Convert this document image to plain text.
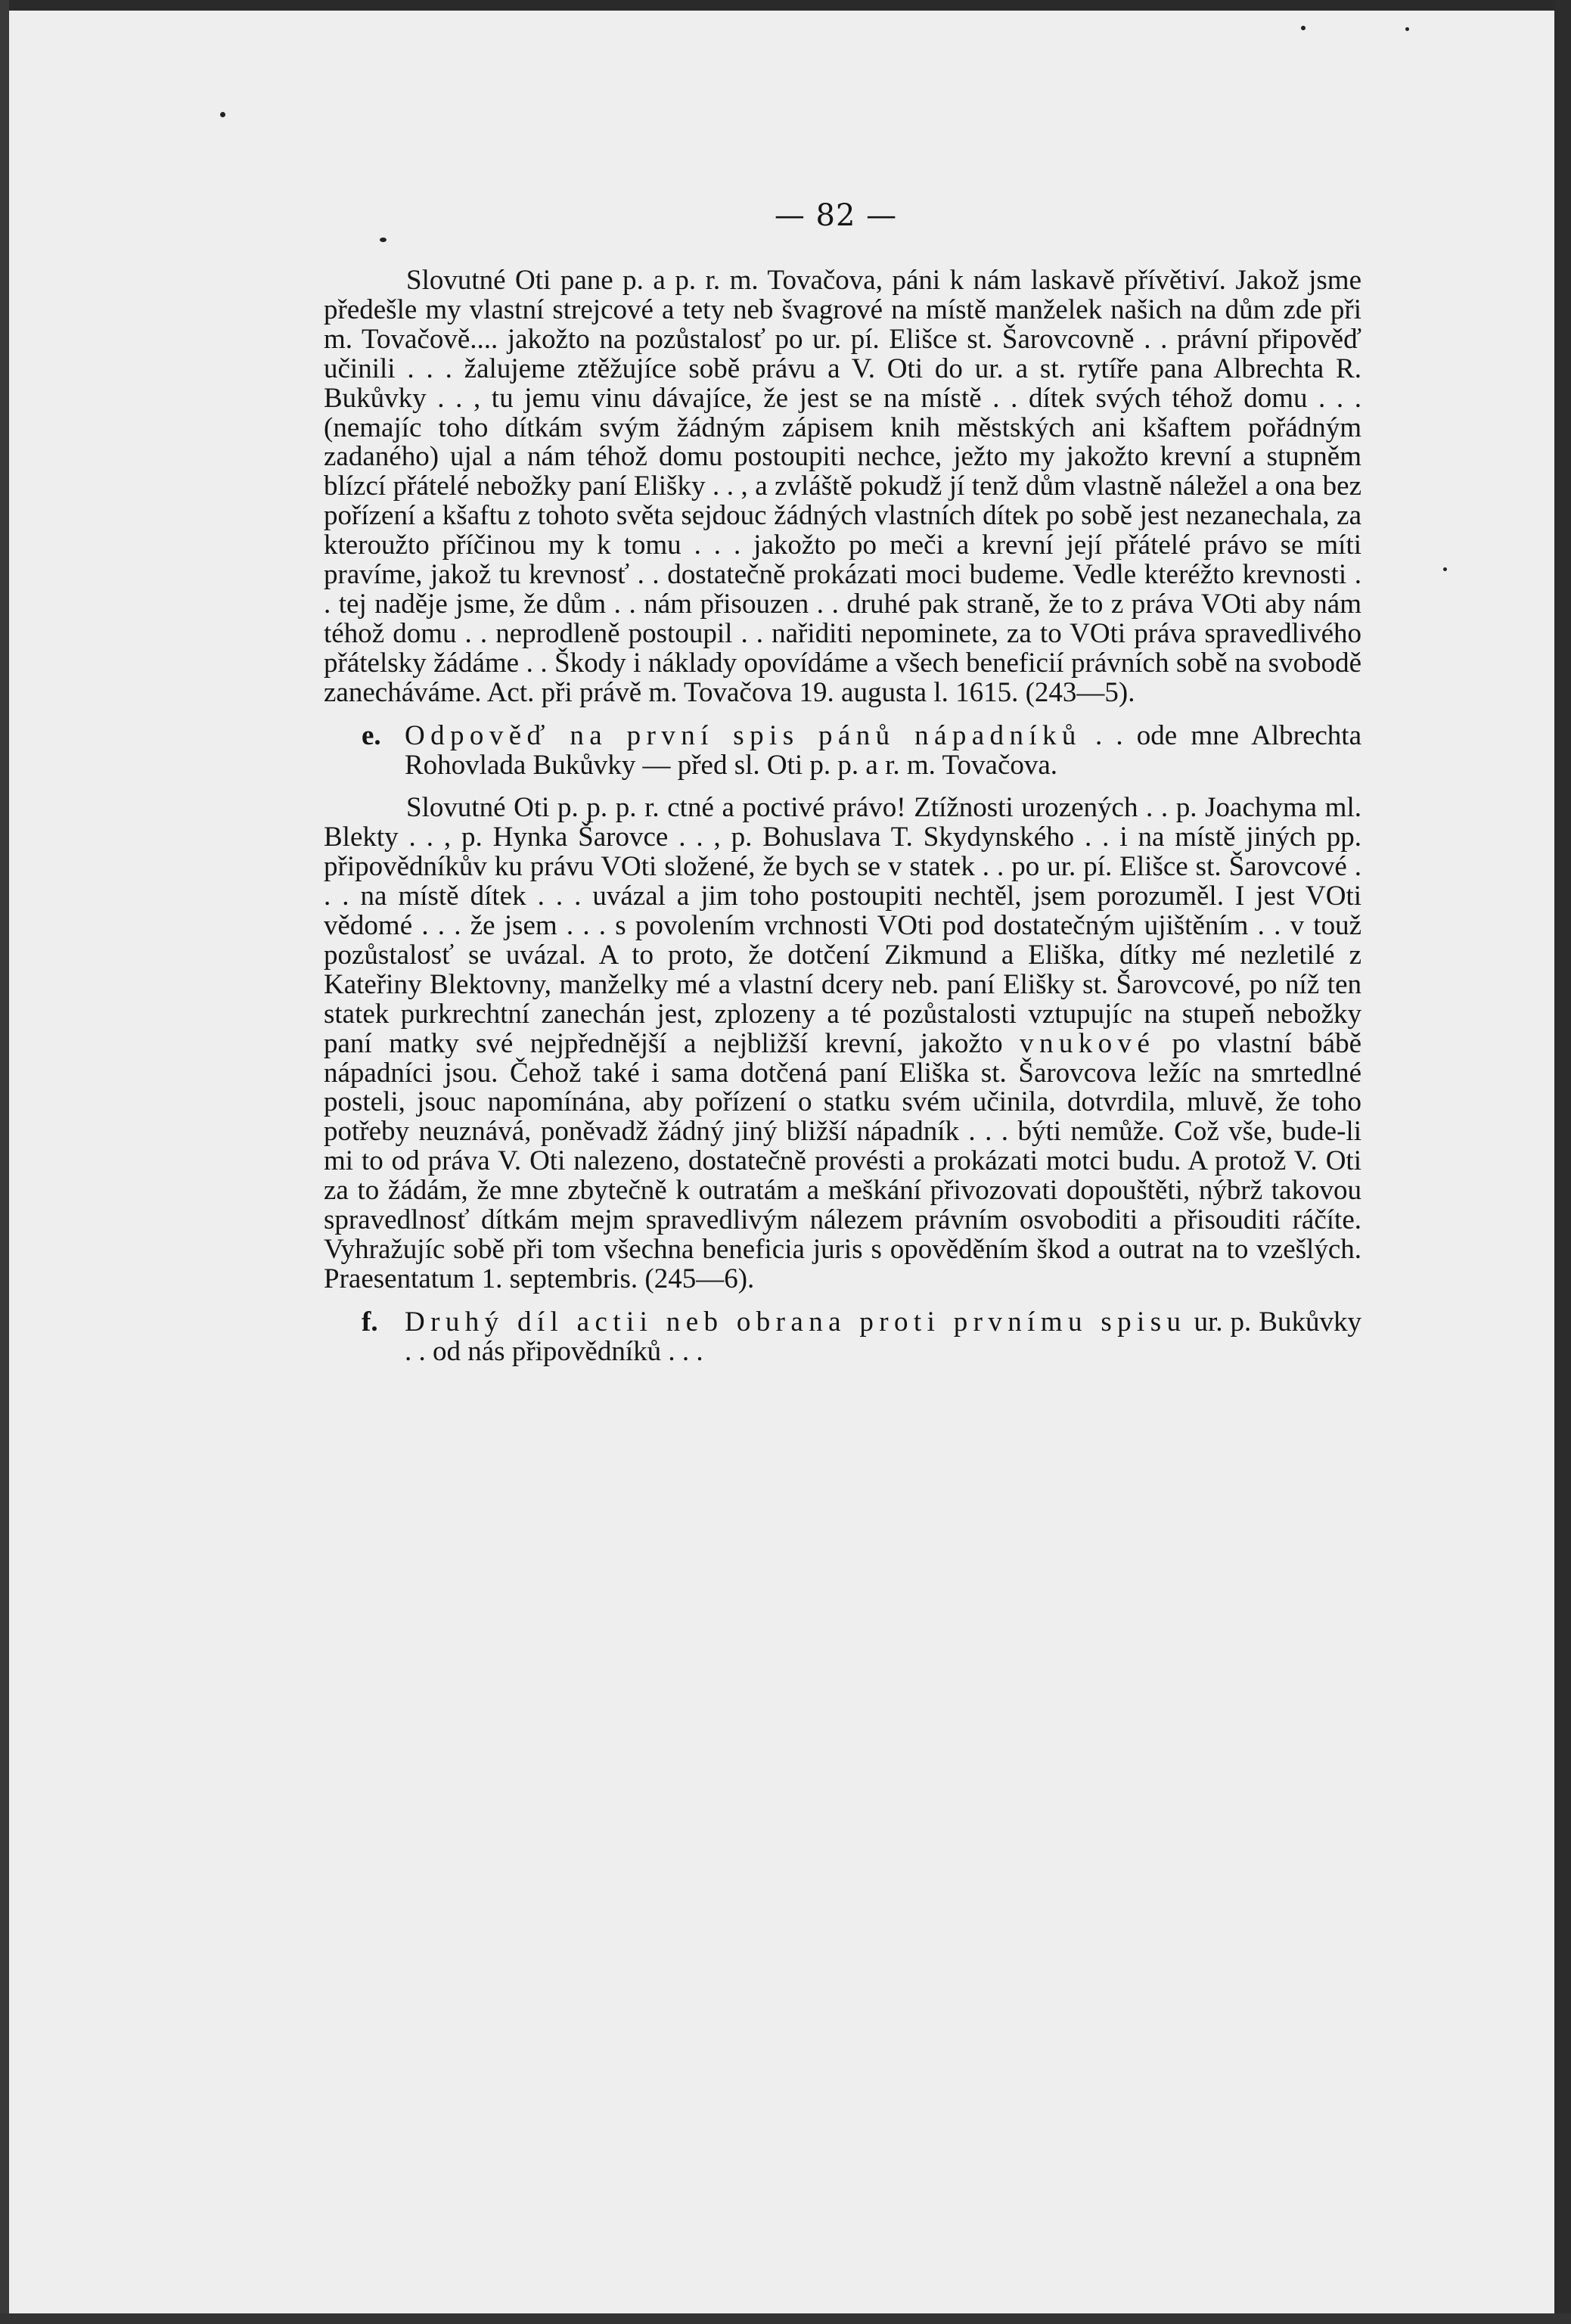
— 82 —

Slovutné Oti pane p. a p. r. m. Tovačova, páni k nám laskavě přívětiví. Jakož jsme předešle my vlastní strejcové a tety neb švagrové na místě manželek našich na dům zde při m. Tovačově.... jakožto na pozůstalosť po ur. pí. Elišce st. Šarovcovně . . právní připověď učinili . . . žalujeme ztěžujíce sobě právu a V. Oti do ur. a st. rytíře pana Albrechta R. Bukůvky . . , tu jemu vinu dávajíce, že jest se na místě . . dítek svých téhož domu . . . (nemajíc toho dítkám svým žádným zápisem knih městských ani kšaftem pořádným zadaného) ujal a nám téhož domu postoupiti nechce, ježto my jakožto krevní a stupněm blízcí přátelé nebožky paní Elišky . . , a zvláště pokudž jí tenž dům vlastně náležel a ona bez pořízení a kšaftu z tohoto světa sejdouc žádných vlastních dítek po sobě jest nezanechala, za kteroužto příčinou my k tomu . . . jakožto po meči a krevní její přátelé právo se míti pravíme, jakož tu krevnosť . . dostatečně prokázati moci budeme. Vedle kteréžto krevnosti . . tej naděje jsme, že dům . . nám přisouzen . . druhé pak straně, že to z práva VOti aby nám téhož domu . . neprodleně postoupil . . nařiditi nepominete, za to VOti práva spravedlivého přátelsky žádáme . . Škody i náklady opovídáme a všech beneficií právních sobě na svobodě zanecháváme. Act. při právě m. Tovačova 19. augusta l. 1615. (243—5).

e. Odpověď na první spis pánů nápadníků . . ode mne Albrechta Rohovlada Bukůvky — před sl. Oti p. p. a r. m. Tovačova.

Slovutné Oti p. p. p. r. ctné a poctivé právo! Ztížnosti urozených . . p. Joachyma ml. Blekty . . , p. Hynka Šarovce . . , p. Bohuslava T. Skydynského . . i na místě jiných pp. připovědníkův ku právu VOti složené, že bych se v statek . . po ur. pí. Elišce st. Šarovcové . . . na místě dítek . . . uvázal a jim toho postoupiti nechtěl, jsem porozuměl. I jest VOti vědomé . . . že jsem . . . s povolením vrchnosti VOti pod dostatečným ujištěním . . v touž pozůstalosť se uvázal. A to proto, že dotčení Zikmund a Eliška, dítky mé nezletilé z Kateřiny Blektovny, manželky mé a vlastní dcery neb. paní Elišky st. Šarovcové, po níž ten statek purkrechtní zanechán jest, zplozeny a té pozůstalosti vztupujíc na stupeň nebožky paní matky své nejpřednější a nejbližší krevní, jakožto vnukové po vlastní bábě nápadníci jsou. Čehož také i sama dotčená paní Eliška st. Šarovcova ležíc na smrtedlné posteli, jsouc napomínána, aby pořízení o statku svém učinila, dotvrdila, mluvě, že toho potřeby neuznává, poněvadž žádný jiný bližší nápadník . . . býti nemůže. Což vše, bude-li mi to od práva V. Oti nalezeno, dostatečně provésti a prokázati motci budu. A protož V. Oti za to žádám, že mne zbytečně k outratám a meškání přivozovati dopouštěti, nýbrž takovou spravedlnosť dítkám mejm spravedlivým nálezem právním osvoboditi a přisouditi ráčíte. Vyhražujíc sobě při tom všechna beneficia juris s opověděním škod a outrat na to vzešlých. Praesentatum 1. septembris. (245—6).

f. Druhý díl actii neb obrana proti prvnímu spisu ur. p. Bukůvky . . od nás připovědníků . . .
